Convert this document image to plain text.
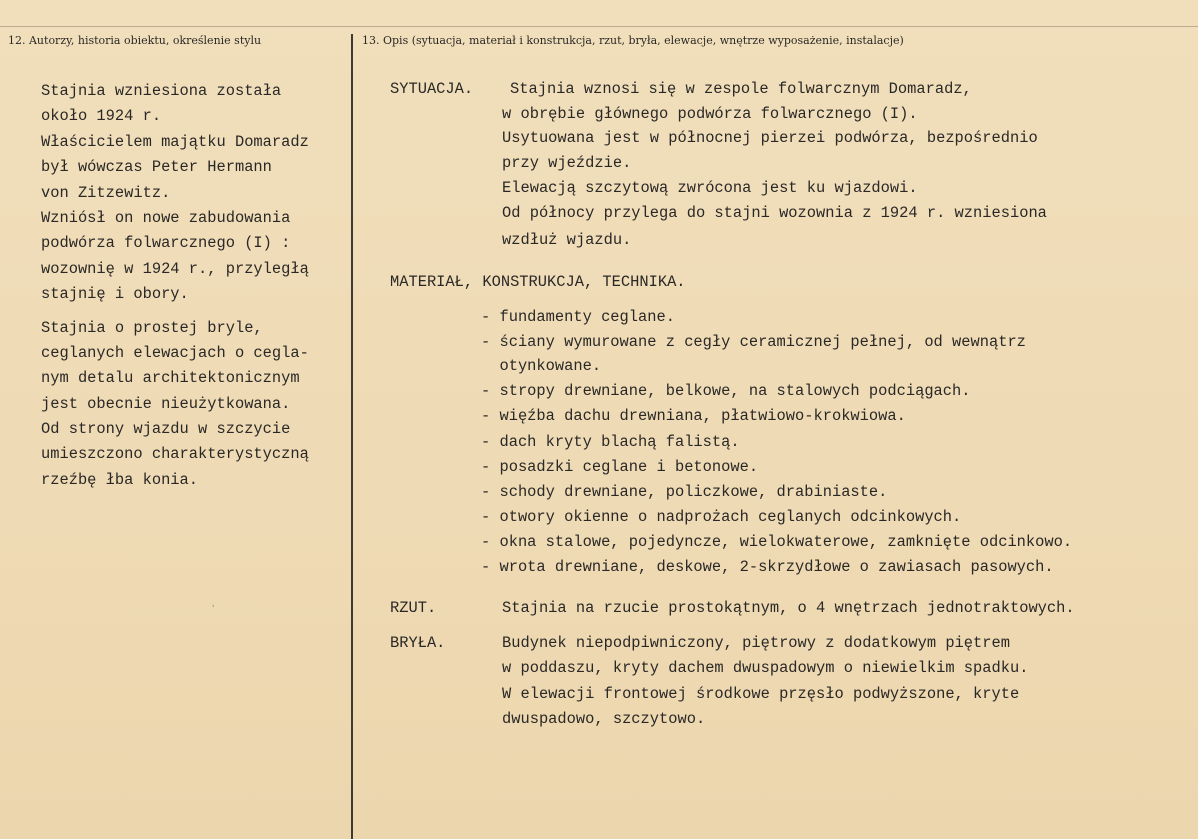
12. Autorzy, historia obiektu, określenie stylu	13. Opis (sytuacja, materiał i konstrukcja, rzut, bryła, elewacje, wnętrze wyposażenie, instalacje)
Stajnia wzniesiona została
około 1924 r.
Właścicielem majątku Domaradz
był wówczas Peter Hermann
von Zitzewitz.
Wzniósł on nowe zabudowania
podwórza folwarcznego (I) :
wozownię w 1924 r., przyległą
stajnię i obory.
Stajnia o prostej bryle,
ceglanych elewacjach o cegla-
nym detalu architektonicznym
jest obecnie nieużytkowana.
Od strony wjazdu w szczycie
umieszczono charakterystyczną
rzeźbę łba konia.
SYTUACJA. Stajnia wznosi się w zespole folwarcznym Domaradz,
w obrębie głównego podwórza folwarcznego (I).
Usytuowana jest w północnej pierzei podwórza, bezpośrednio
przy wjeździe.
Elewacją szczytową zwrócona jest ku wjazdowi.
Od północy przylega do stajni wozownia z 1924 r. wzniesiona
wzdłuż wjazdu.
MATERIAŁ, KONSTRUKCJA, TECHNIKA.
- fundamenty ceglane.
- ściany wymurowane z cegły ceramicznej pełnej, od wewnątrz
otynkowane.
- stropy drewniane, belkowe, na stalowych podciągach.
- więźba dachu drewniana, płatwiowo-krokwiowa.
- dach kryty blachą falistą.
- posadzki ceglane i betonowe.
- schody drewniane, policzkowe, drabiniaste.
- otwory okienne o nadprożach ceglanych odcinkowych.
- okna stalowe, pojedyncze, wielokwaterowe, zamknięte odcinkowo.
- wrota drewniane, deskowe, 2-skrzydłowe o zawiasach pasowych.
RZUT.	Stajnia na rzucie prostokątnym, o 4 wnętrzach jednotraktowych.
BRYŁA.	Budynek niepodpiwniczony, piętrowy z dodatkowym piętrem
w poddaszu, kryty dachem dwuspadowym o niewielkim spadku.
W elewacji frontowej środkowe przęsło podwyższone, kryte
dwuspadowo, szczytowo.
ʾ
